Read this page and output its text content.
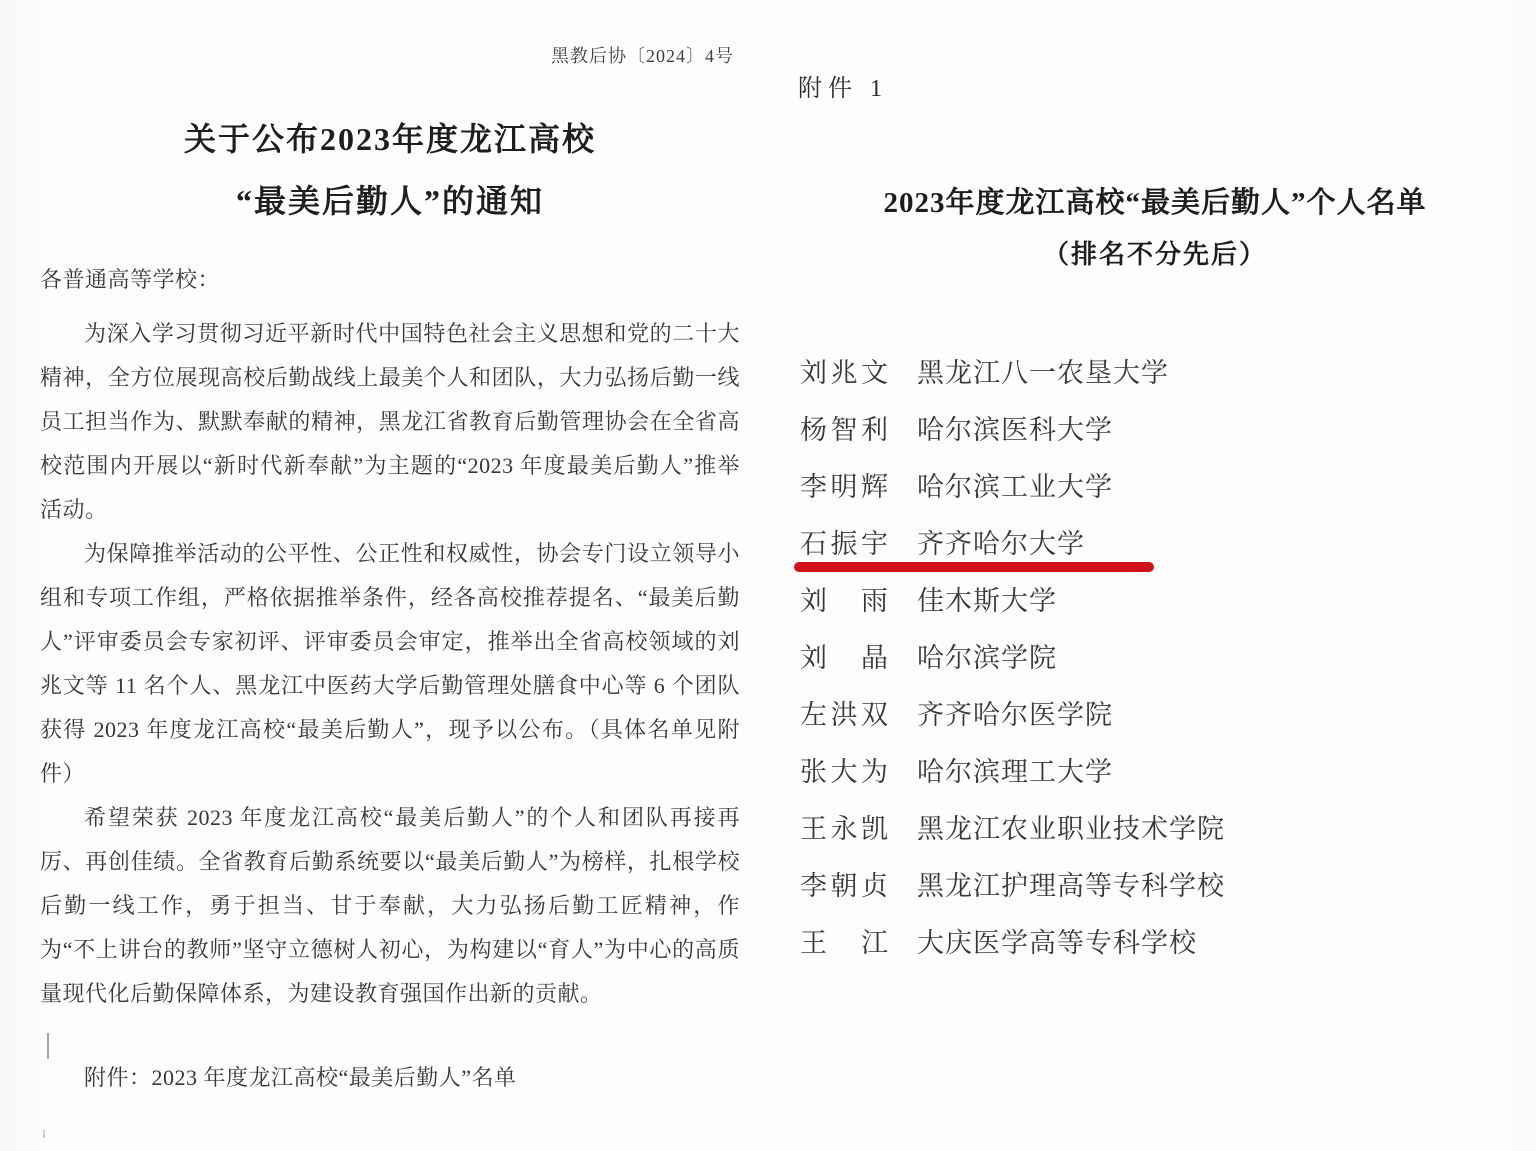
黑教后协〔2024〕4号
关于公布2023年度龙江高校
“最美后勤人”的通知
各普通高等学校：
为深入学习贯彻习近平新时代中国特色社会主义思想和党的二十大精神，全方位展现高校后勤战线上最美个人和团队，大力弘扬后勤一线员工担当作为、默默奉献的精神，黑龙江省教育后勤管理协会在全省高校范围内开展以“新时代新奉献”为主题的“2023 年度最美后勤人”推举活动。
为保障推举活动的公平性、公正性和权威性，协会专门设立领导小组和专项工作组，严格依据推举条件，经各高校推荐提名、“最美后勤人”评审委员会专家初评、评审委员会审定，推举出全省高校领域的刘兆文等 11 名个人、黑龙江中医药大学后勤管理处膳食中心等 6 个团队获得 2023 年度龙江高校“最美后勤人”，现予以公布。（具体名单见附件）
希望荣获 2023 年度龙江高校“最美后勤人”的个人和团队再接再厉、再创佳绩。全省教育后勤系统要以“最美后勤人”为榜样，扎根学校后勤一线工作，勇于担当、甘于奉献，大力弘扬后勤工匠精神，作为“不上讲台的教师”坚守立德树人初心，为构建以“育人”为中心的高质量现代化后勤保障体系，为建设教育强国作出新的贡献。
附件：2023 年度龙江高校“最美后勤人”名单
附件 1
2023年度龙江高校“最美后勤人”个人名单
（排名不分先后）
刘兆文 黑龙江八一农垦大学
杨智利 哈尔滨医科大学
李明辉 哈尔滨工业大学
石振宇 齐齐哈尔大学
刘雨 佳木斯大学
刘晶 哈尔滨学院
左洪双 齐齐哈尔医学院
张大为 哈尔滨理工大学
王永凯 黑龙江农业职业技术学院
李朝贞 黑龙江护理高等专科学校
王江 大庆医学高等专科学校
